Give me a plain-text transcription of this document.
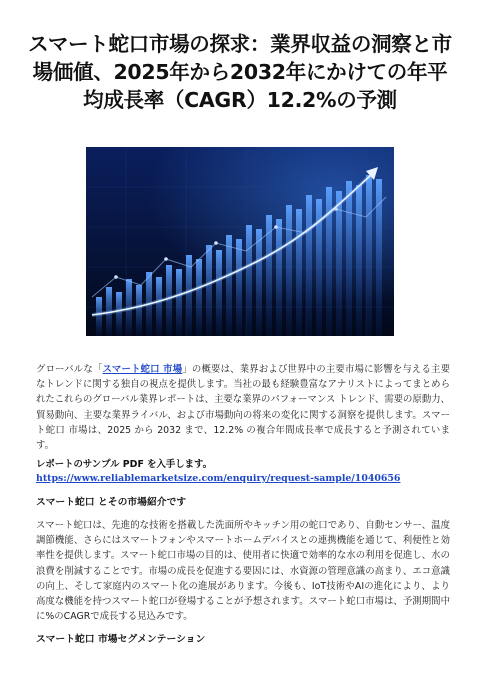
スマート蛇口市場の探求：業界収益の洞察と市場価値、2025年から2032年にかけての年平均成長率（CAGR）12.2%の予測

グローバルな「スマート蛇口 市場」の概要は、業界および世界中の主要市場に影響を与える主要なトレンドに関する独自の視点を提供します。当社の最も経験豊富なアナリストによってまとめられたこれらのグローバル業界レポートは、主要な業界のパフォーマンス トレンド、需要の原動力、貿易動向、主要な業界ライバル、および市場動向の将来の変化に関する洞察を提供します。スマート蛇口 市場は、2025 から 2032 まで、12.2% の複合年間成長率で成長すると予測されています。

レポートのサンプル PDF を入手します。 https://www.reliablemarketsize.com/enquiry/request-sample/1040656

スマート蛇口 とその市場紹介です

スマート蛇口は、先進的な技術を搭載した洗面所やキッチン用の蛇口であり、自動センサー、温度調節機能、さらにはスマートフォンやスマートホームデバイスとの連携機能を通じて、利便性と効率性を提供します。スマート蛇口市場の目的は、使用者に快適で効率的な水の利用を促進し、水の浪費を削減することです。市場の成長を促進する要因には、水資源の管理意識の高まり、エコ意識の向上、そして家庭内のスマート化の進展があります。今後も、IoT技術やAIの進化により、より高度な機能を持つスマート蛇口が登場することが予想されます。スマート蛇口市場は、予測期間中に%のCAGRで成長する見込みです。

スマート蛇口 市場セグメンテーション
